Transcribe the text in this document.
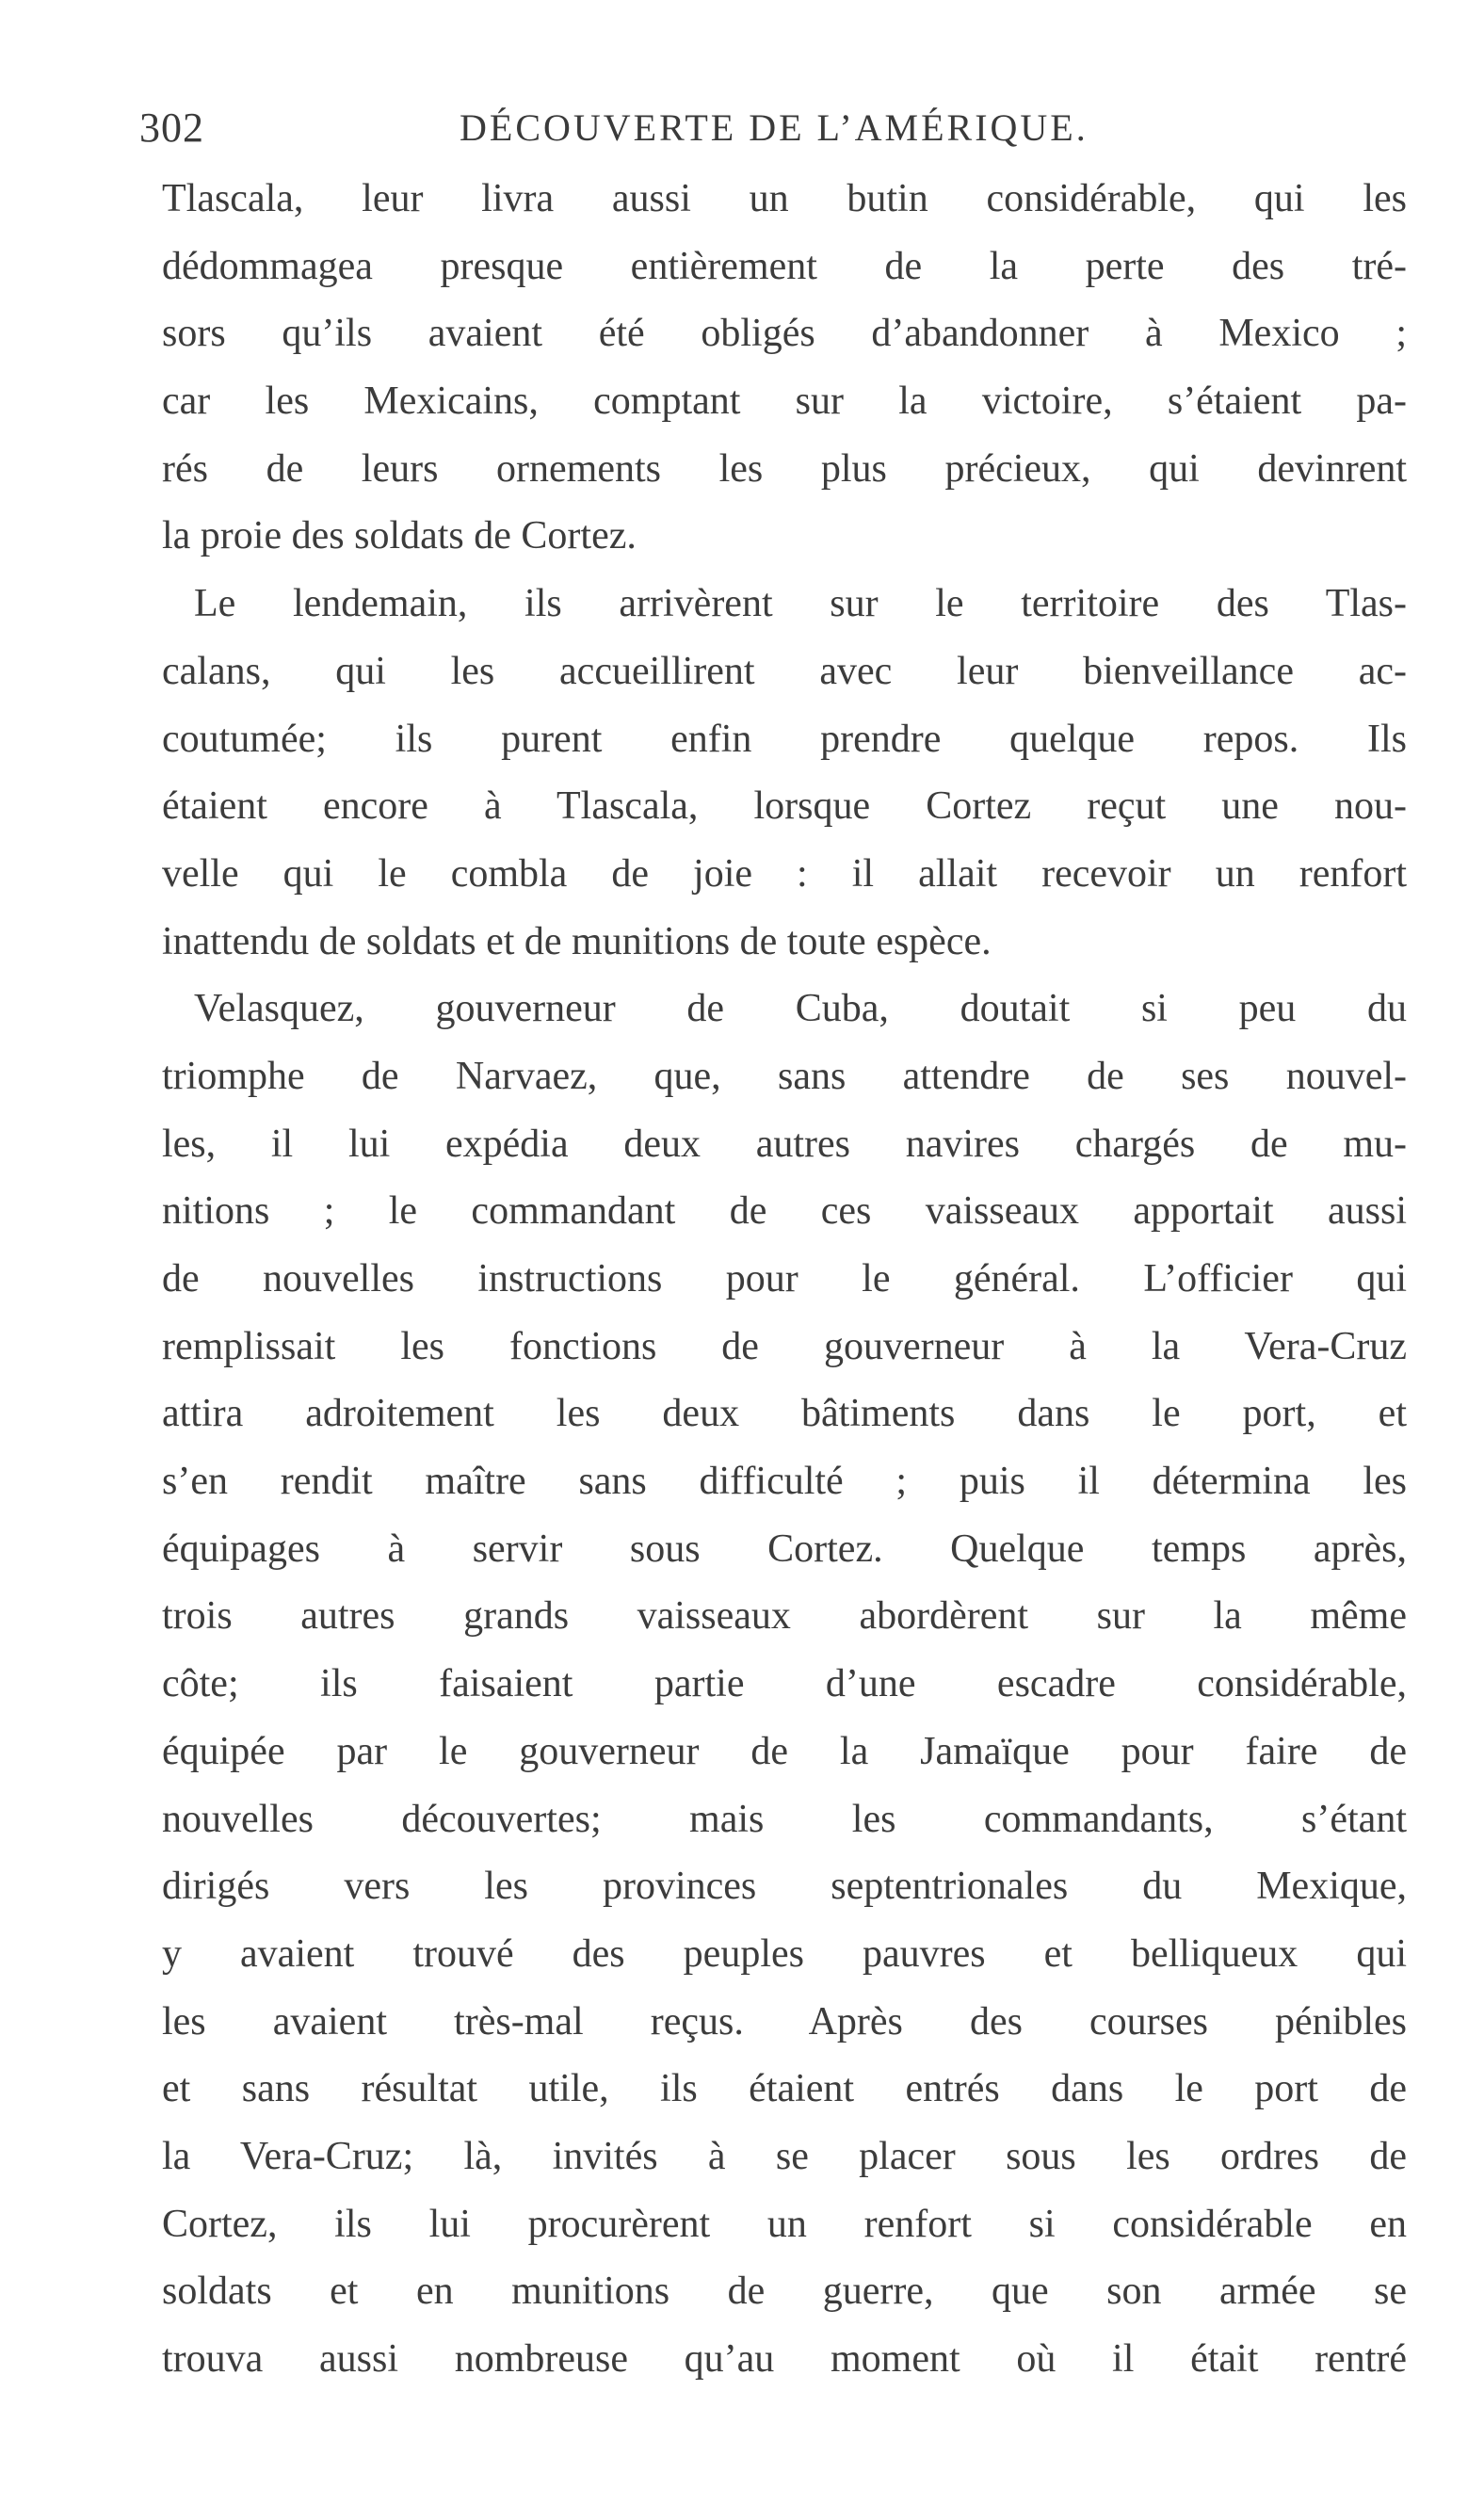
302	DÉCOUVERTE DE L’AMÉRIQUE.
Tlascala, leur livra aussi un butin considérable, qui les
dédommagea presque entièrement de la perte des tré-
sors qu’ils avaient été obligés d’abandonner à Mexico ;
car les Mexicains, comptant sur la victoire, s’étaient pa-
rés de leurs ornements les plus précieux, qui devinrent
la proie des soldats de Cortez.
Le lendemain, ils arrivèrent sur le territoire des Tlas-
calans, qui les accueillirent avec leur bienveillance ac-
coutumée; ils purent enfin prendre quelque repos. Ils
étaient encore à Tlascala, lorsque Cortez reçut une nou-
velle qui le combla de joie : il allait recevoir un renfort
inattendu de soldats et de munitions de toute espèce.
Velasquez, gouverneur de Cuba, doutait si peu du
triomphe de Narvaez, que, sans attendre de ses nouvel-
les, il lui expédia deux autres navires chargés de mu-
nitions ; le commandant de ces vaisseaux apportait aussi
de nouvelles instructions pour le général. L’officier qui
remplissait les fonctions de gouverneur à la Vera-Cruz
attira adroitement les deux bâtiments dans le port, et
s’en rendit maître sans difficulté ; puis il détermina les
équipages à servir sous Cortez. Quelque temps après,
trois autres grands vaisseaux abordèrent sur la même
côte; ils faisaient partie d’une escadre considérable,
équipée par le gouverneur de la Jamaïque pour faire de
nouvelles découvertes; mais les commandants, s’étant
dirigés vers les provinces septentrionales du Mexique,
y avaient trouvé des peuples pauvres et belliqueux qui
les avaient très-mal reçus. Après des courses pénibles
et sans résultat utile, ils étaient entrés dans le port de
la Vera-Cruz; là, invités à se placer sous les ordres de
Cortez, ils lui procurèrent un renfort si considérable en
soldats et en munitions de guerre, que son armée se
trouva aussi nombreuse qu’au moment où il était rentré
